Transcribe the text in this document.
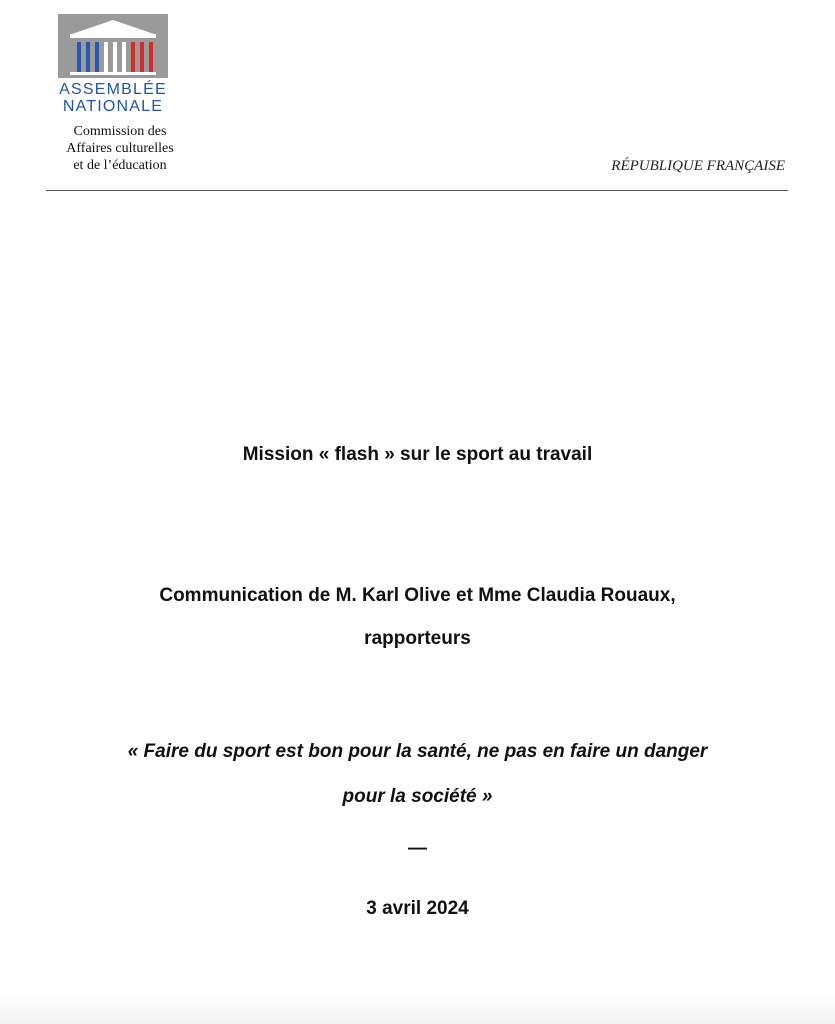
ASSEMBLÉE
NATIONALE
Commission des
Affaires culturelles
et de l’éducation	RÉPUBLIQUE FRANÇAISE
Mission « flash » sur le sport au travail
Communication de M. Karl Olive et Mme Claudia Rouaux,
rapporteurs
« Faire du sport est bon pour la santé, ne pas en faire un danger
pour la société »
—
3 avril 2024
